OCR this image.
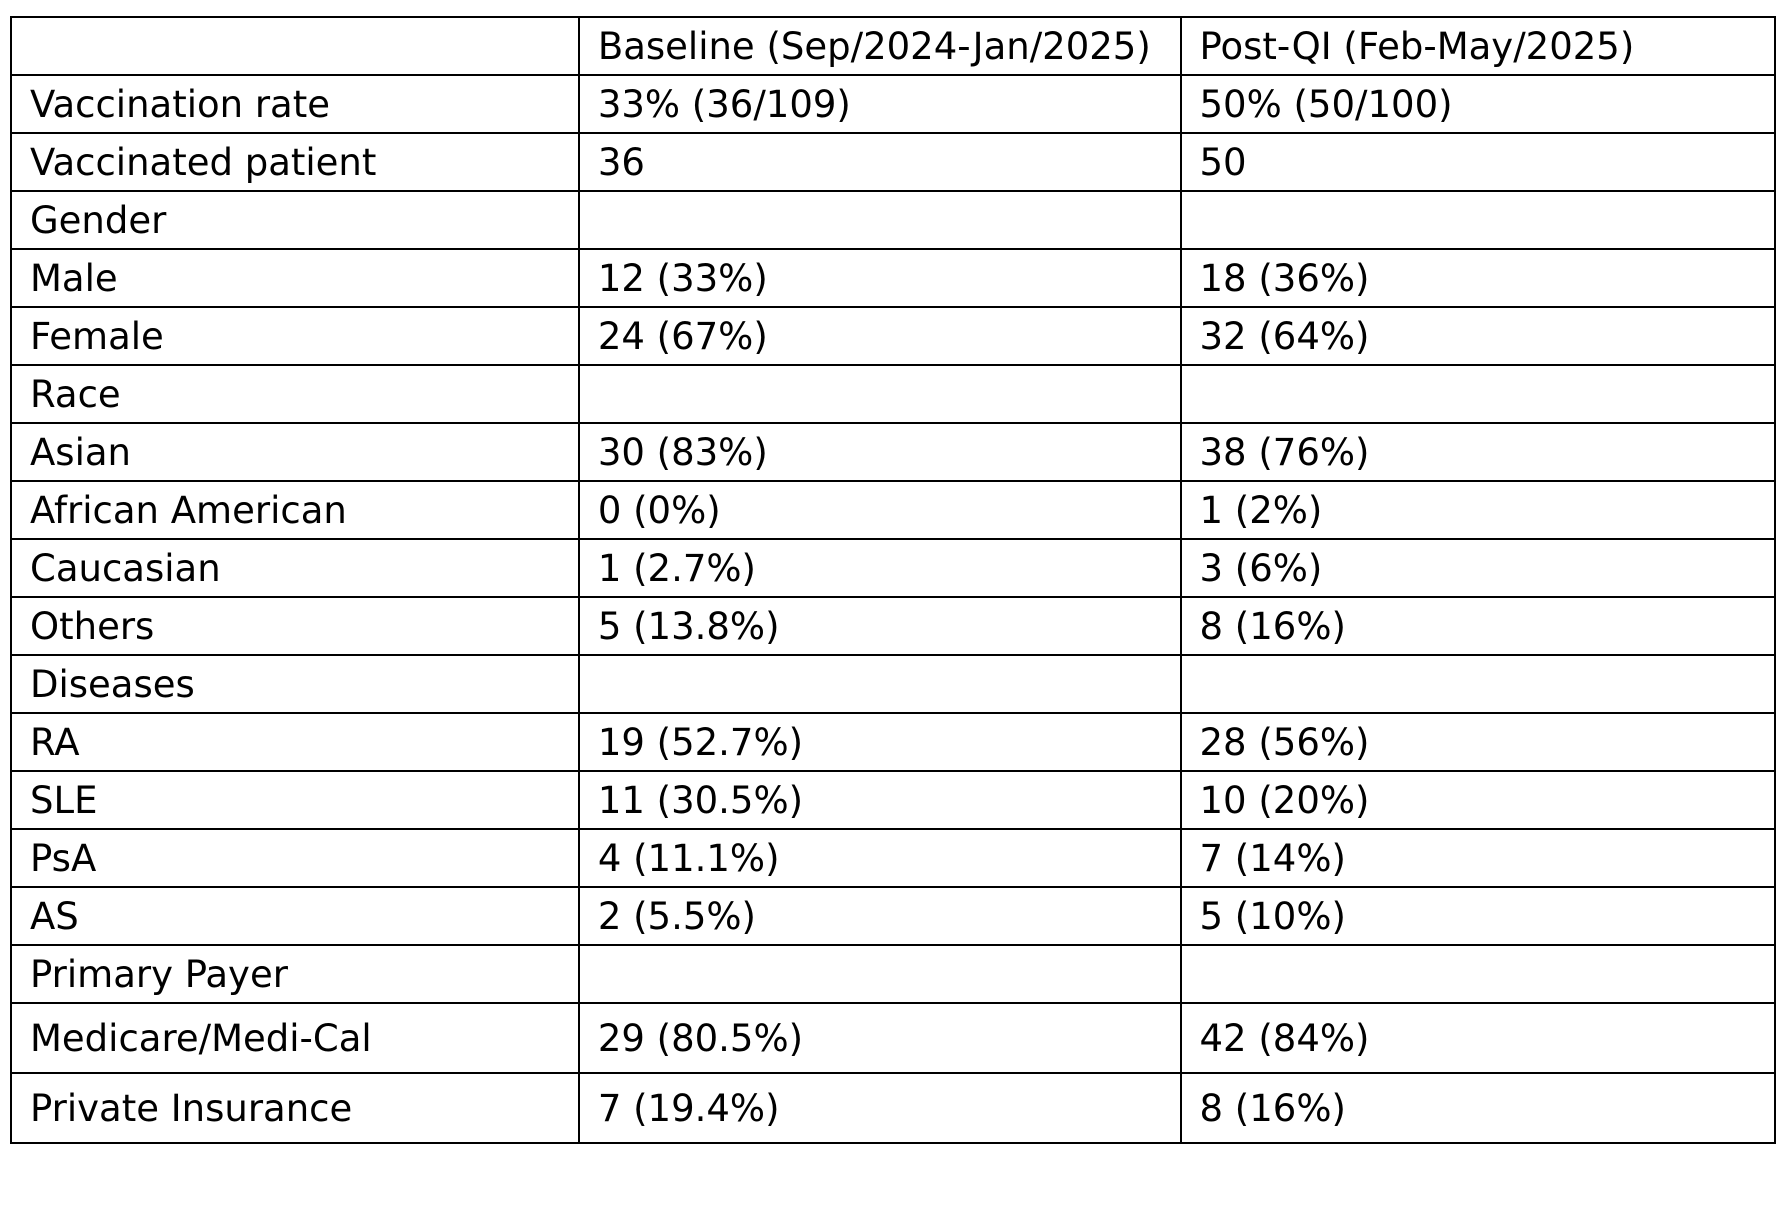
	Baseline (Sep/2024-Jan/2025)	Post-QI (Feb-May/2025)
Vaccination rate	33% (36/109)	50% (50/100)
Vaccinated patient	36	50
Gender		
Male	12 (33%)	18 (36%)
Female	24 (67%)	32 (64%)
Race		
Asian	30 (83%)	38 (76%)
African American	0 (0%)	1 (2%)
Caucasian	1 (2.7%)	3 (6%)
Others	5 (13.8%)	8 (16%)
Diseases		
RA	19 (52.7%)	28 (56%)
SLE	11 (30.5%)	10 (20%)
PsA	4 (11.1%)	7 (14%)
AS	2 (5.5%)	5 (10%)
Primary Payer		
Medicare/Medi-Cal	29 (80.5%)	42 (84%)
Private Insurance	7 (19.4%)	8 (16%)
